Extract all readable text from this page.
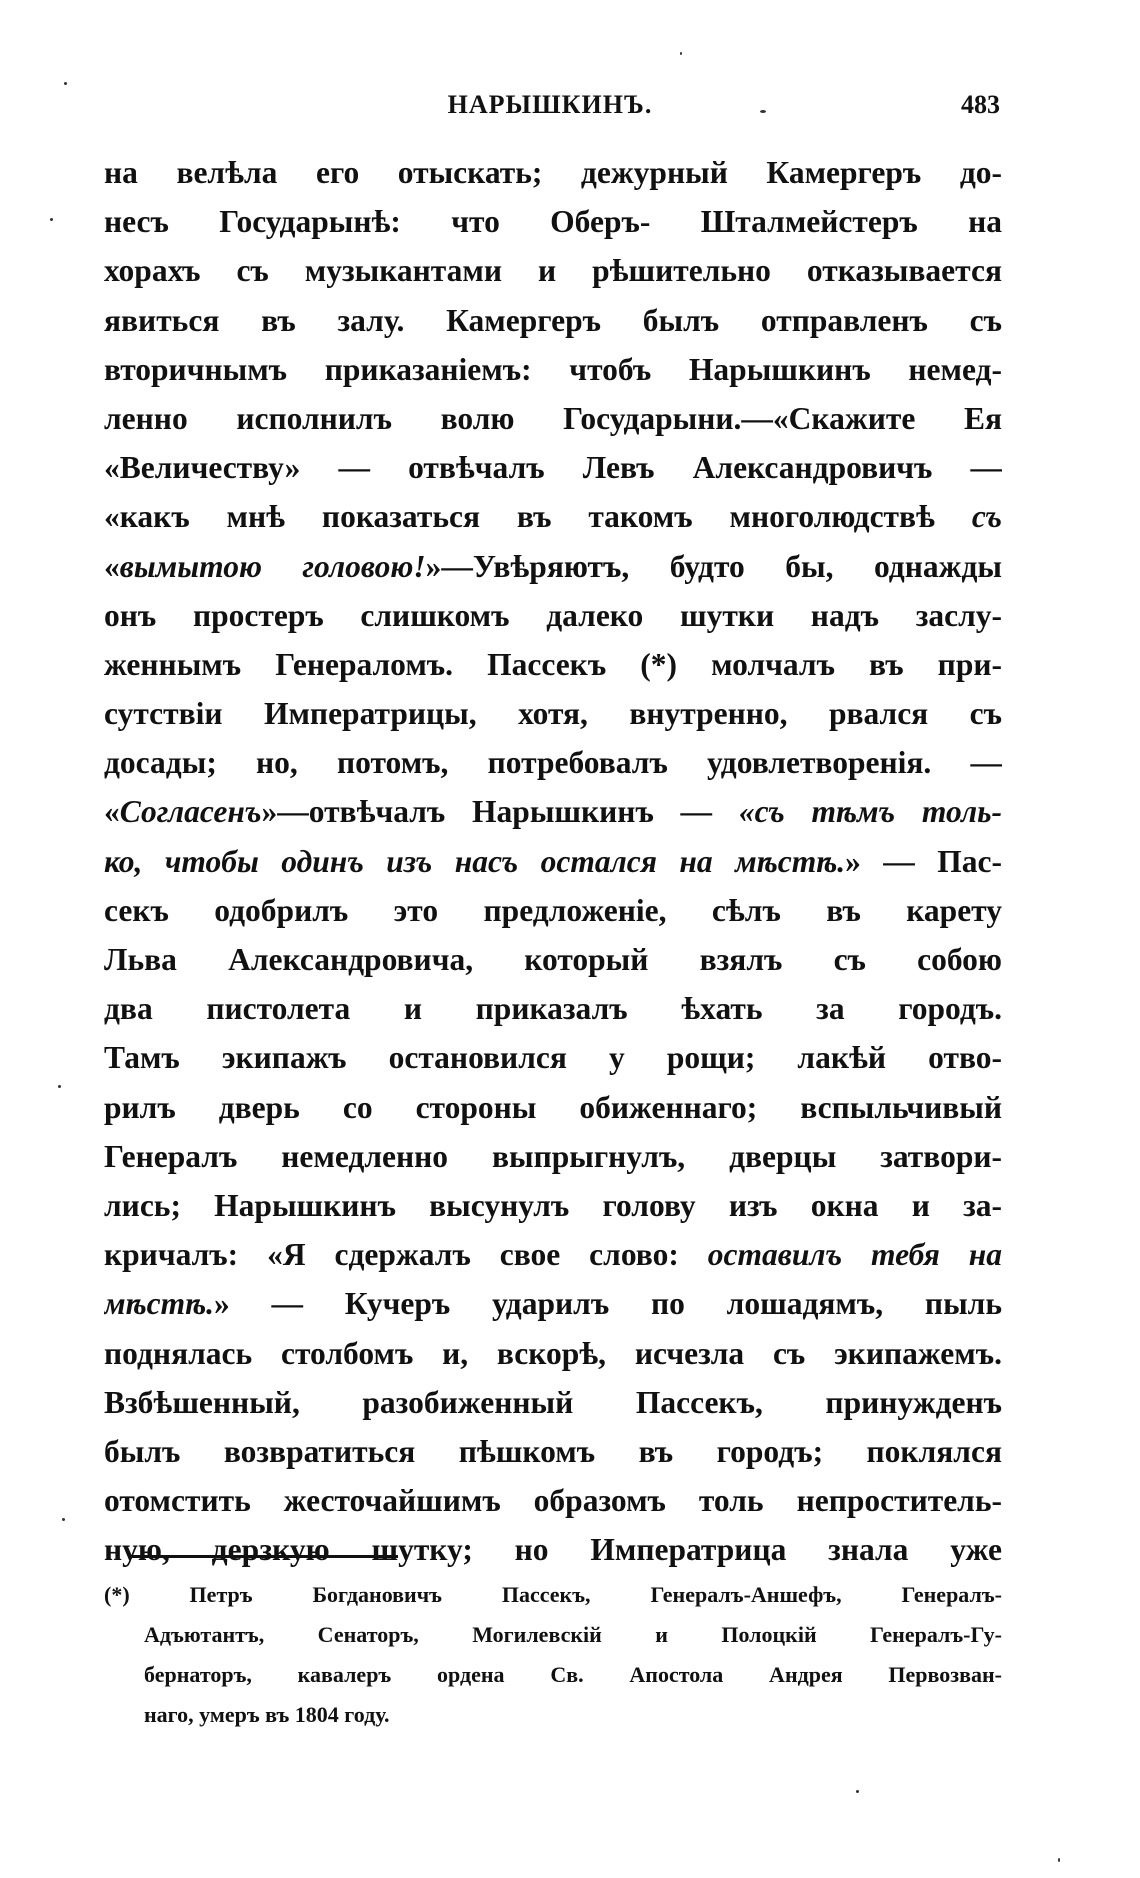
НАРЫШКИНЪ.	483
на велѣла его отыскать; дежурный Камергеръ до-
несъ Государынѣ: что Оберъ- Шталмейстеръ на
хорахъ съ музыкантами и рѣшительно отказывается
явиться въ залу. Камергеръ былъ отправленъ съ
вторичнымъ приказаніемъ: чтобъ Нарышкинъ немед-
ленно исполнилъ волю Государыни.—«Скажите Ея
«Величеству» — отвѣчалъ Левъ Александровичъ —
«какъ мнѣ показаться въ такомъ многолюдствѣ съ
«вымытою головою!»—Увѣряютъ, будто бы, однажды
онъ простеръ слишкомъ далеко шутки надъ заслу-
женнымъ Генераломъ. Пассекъ (*) молчалъ въ при-
сутствіи Императрицы, хотя, внутренно, рвался съ
досады; но, потомъ, потребовалъ удовлетворенія. —
«Согласенъ»—отвѣчалъ Нарышкинъ — «съ тѣмъ толь-
ко, чтобы одинъ изъ насъ остался на мѣстѣ.» — Пас-
секъ одобрилъ это предложеніе, сѣлъ въ карету
Льва Александровича, который взялъ съ собою
два пистолета и приказалъ ѣхать за городъ.
Тамъ экипажъ остановился у рощи; лакѣй отво-
рилъ дверь со стороны обиженнаго; вспыльчивый
Генералъ немедленно выпрыгнулъ, дверцы затвори-
лись; Нарышкинъ высунулъ голову изъ окна и за-
кричалъ: «Я сдержалъ свое слово: оставилъ тебя на
мѣстѣ.» — Кучеръ ударилъ по лошадямъ, пыль
поднялась столбомъ и, вскорѣ, исчезла съ экипажемъ.
Взбѣшенный, разобиженный Пассекъ, принужденъ
былъ возвратиться пѣшкомъ въ городъ; поклялся
отомстить жесточайшимъ образомъ толь непроститель-
ную, дерзкую шутку; но Императрица знала уже
(*) Петръ Богдановичъ Пассекъ, Генералъ-Аншефъ, Генералъ-
Адъютантъ, Сенаторъ, Могилевскій и Полоцкій Генералъ-Гу-
бернаторъ, кавалеръ ордена Св. Апостола Андрея Первозван-
наго, умеръ въ 1804 году.
